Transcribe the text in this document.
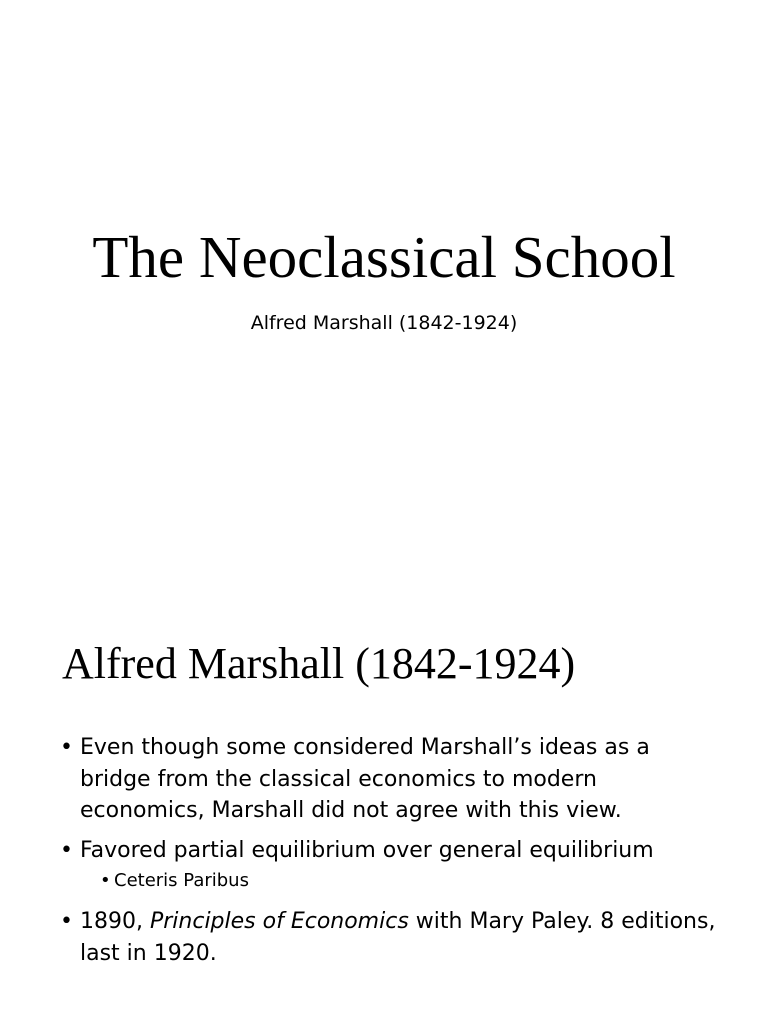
The Neoclassical School
Alfred Marshall (1842-1924)
Alfred Marshall (1842-1924)
• Even though some considered Marshall’s ideas as a bridge from the classical economics to modern economics, Marshall did not agree with this view.
• Favored partial equilibrium over general equilibrium
• Ceteris Paribus
• 1890, Principles of Economics with Mary Paley. 8 editions, last in 1920.
